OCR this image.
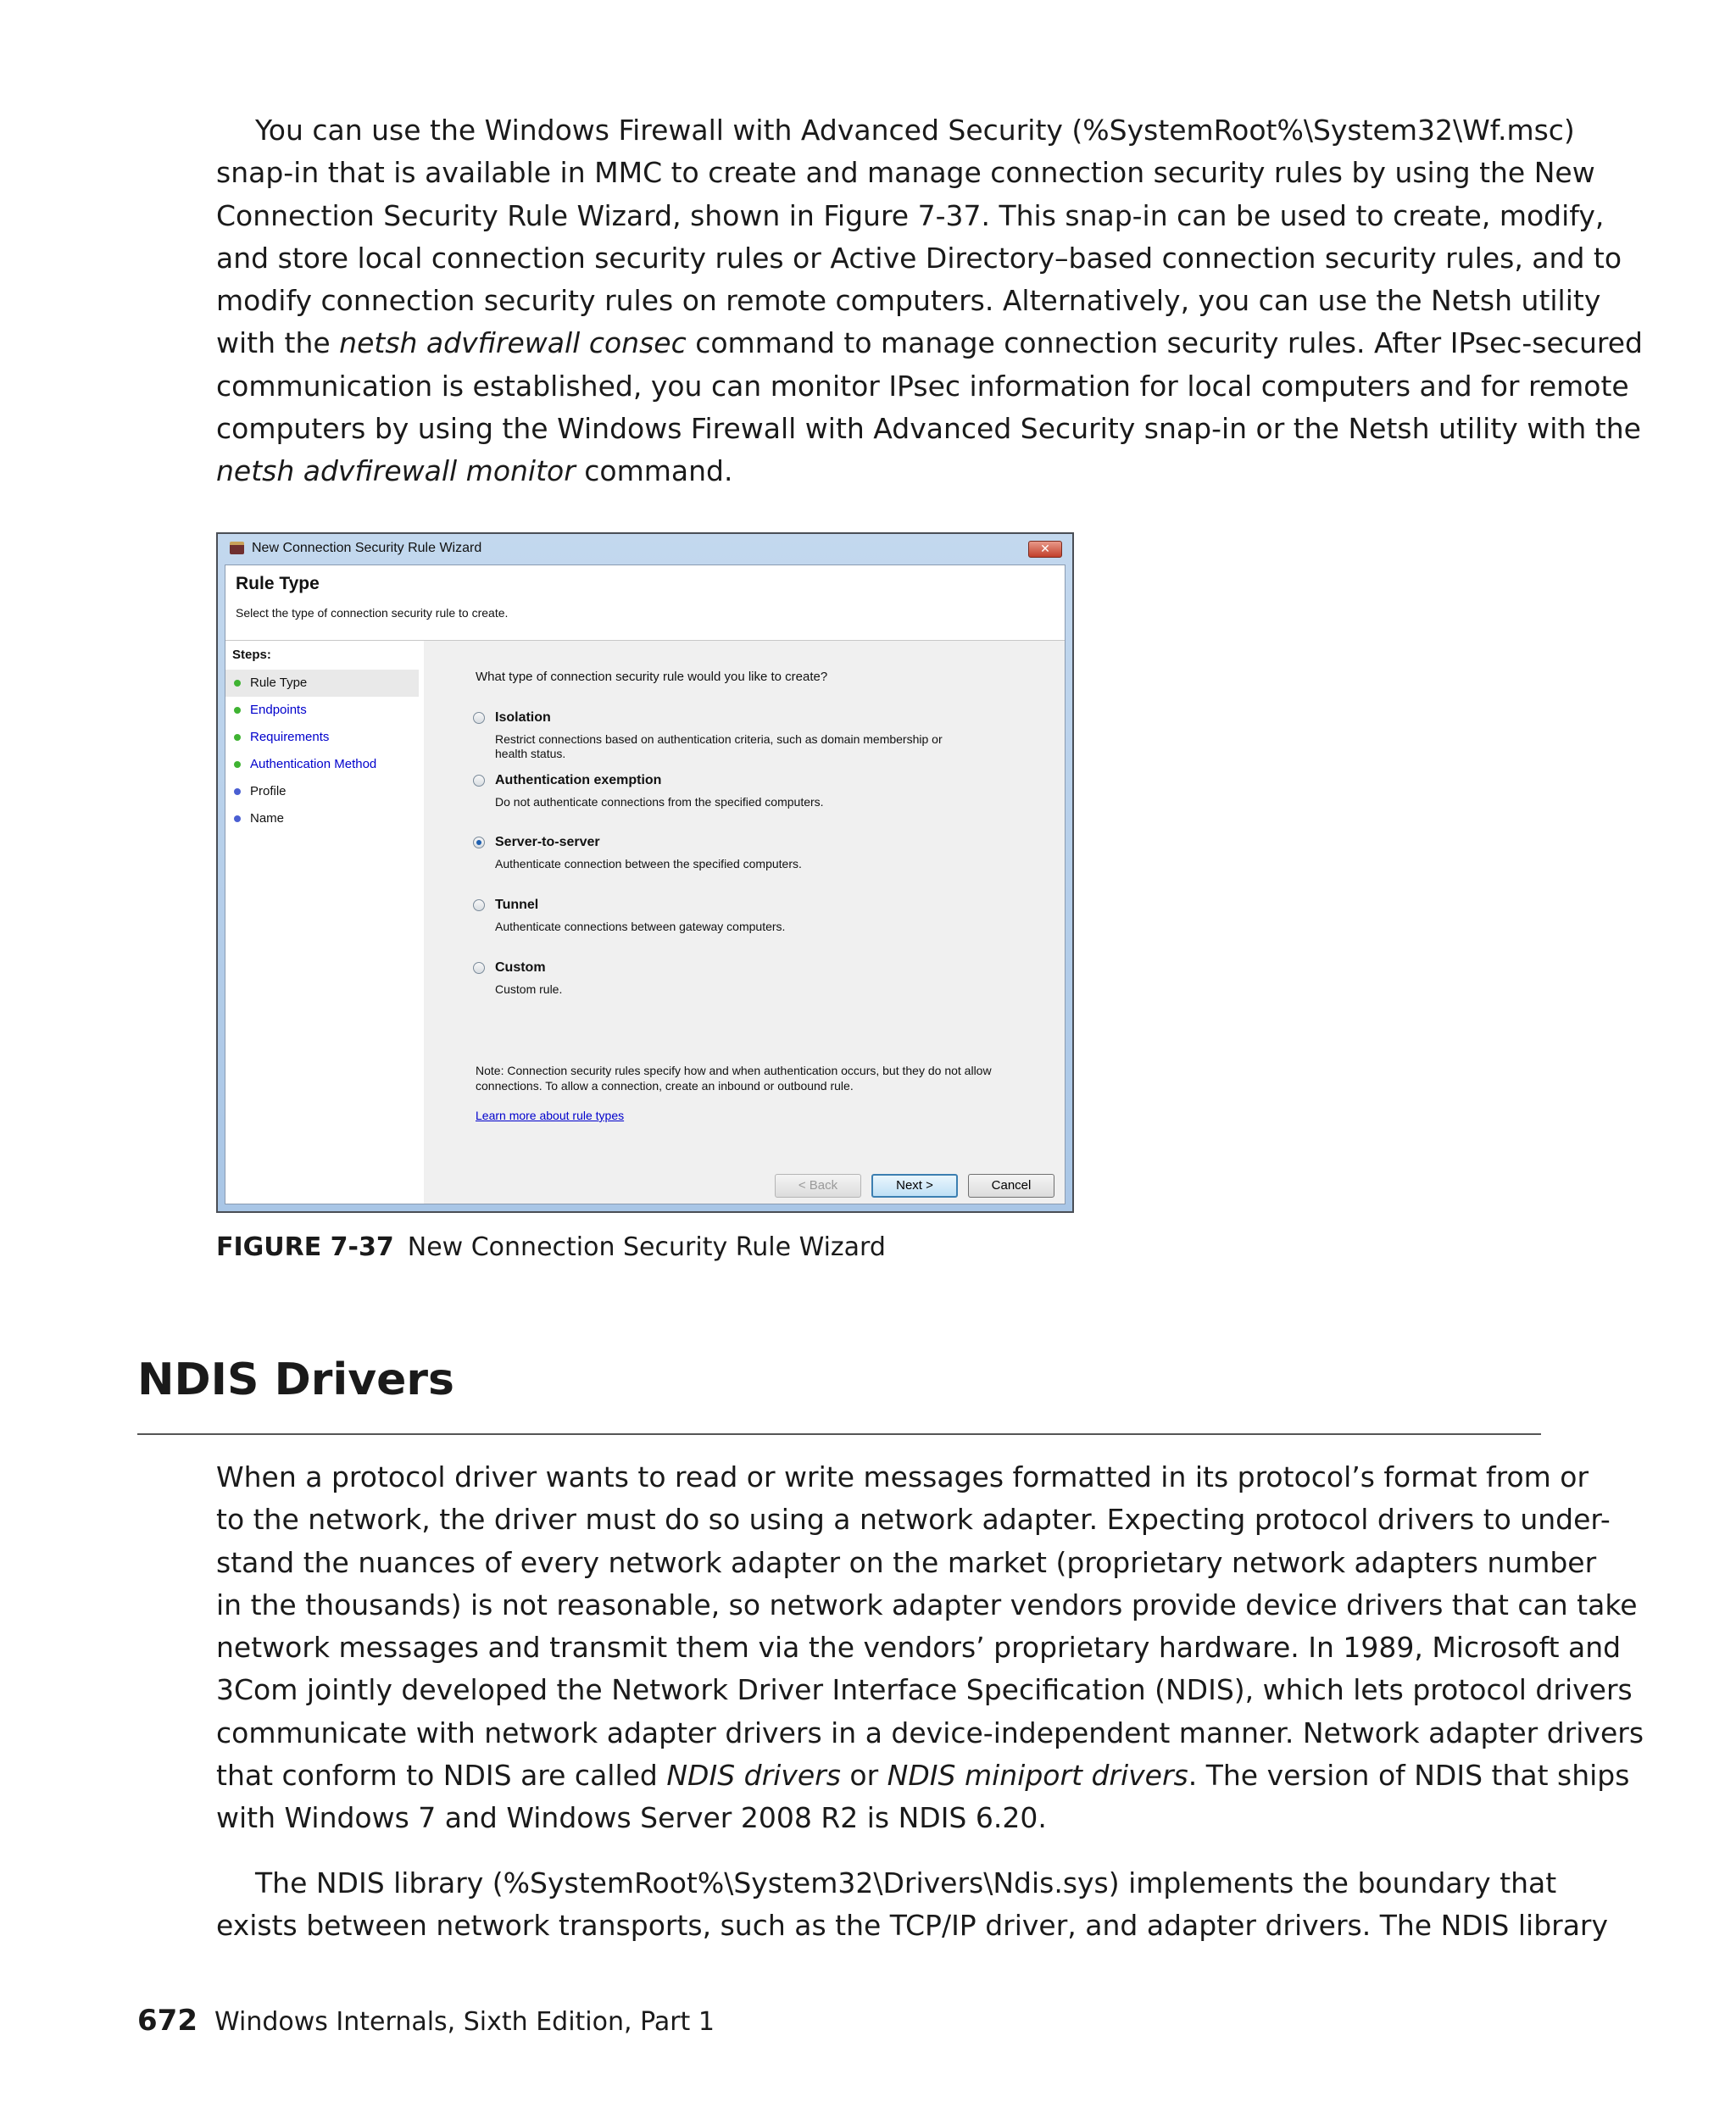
You can use the Windows Firewall with Advanced Security (%SystemRoot%\System32\Wf.msc)
snap-in that is available in MMC to create and manage connection security rules by using the New
Connection Security Rule Wizard, shown in Figure 7-37. This snap-in can be used to create, modify,
and store local connection security rules or Active Directory–based connection security rules, and to
modify connection security rules on remote computers. Alternatively, you can use the Netsh utility
with the netsh advfirewall consec command to manage connection security rules. After IPsec-secured
communication is established, you can monitor IPsec information for local computers and for remote
computers by using the Windows Firewall with Advanced Security snap-in or the Netsh utility with the
netsh advfirewall monitor command.
New Connection Security Rule Wizard	✕
Rule Type
Select the type of connection security rule to create.
Steps:
Rule Type
Endpoints
Requirements
Authentication Method
Profile
Name
What type of connection security rule would you like to create?
Isolation
Restrict connections based on authentication criteria, such as domain membership or health status.
Authentication exemption
Do not authenticate connections from the specified computers.
Server-to-server
Authenticate connection between the specified computers.
Tunnel
Authenticate connections between gateway computers.
Custom
Custom rule.
Note: Connection security rules specify how and when authentication occurs, but they do not allow connections. To allow a connection, create an inbound or outbound rule.
Learn more about rule types
< Back	Next >	Cancel
FIGURE 7-37 New Connection Security Rule Wizard
NDIS Drivers
When a protocol driver wants to read or write messages formatted in its protocol’s format from or
to the network, the driver must do so using a network adapter. Expecting protocol drivers to under-
stand the nuances of every network adapter on the market (proprietary network adapters number
in the thousands) is not reasonable, so network adapter vendors provide device drivers that can take
network messages and transmit them via the vendors’ proprietary hardware. In 1989, Microsoft and
3Com jointly developed the Network Driver Interface Specification (NDIS), which lets protocol drivers
communicate with network adapter drivers in a device-independent manner. Network adapter drivers
that conform to NDIS are called NDIS drivers or NDIS miniport drivers. The version of NDIS that ships
with Windows 7 and Windows Server 2008 R2 is NDIS 6.20.
The NDIS library (%SystemRoot%\System32\Drivers\Ndis.sys) implements the boundary that
exists between network transports, such as the TCP/IP driver, and adapter drivers. The NDIS library
672 Windows Internals, Sixth Edition, Part 1
